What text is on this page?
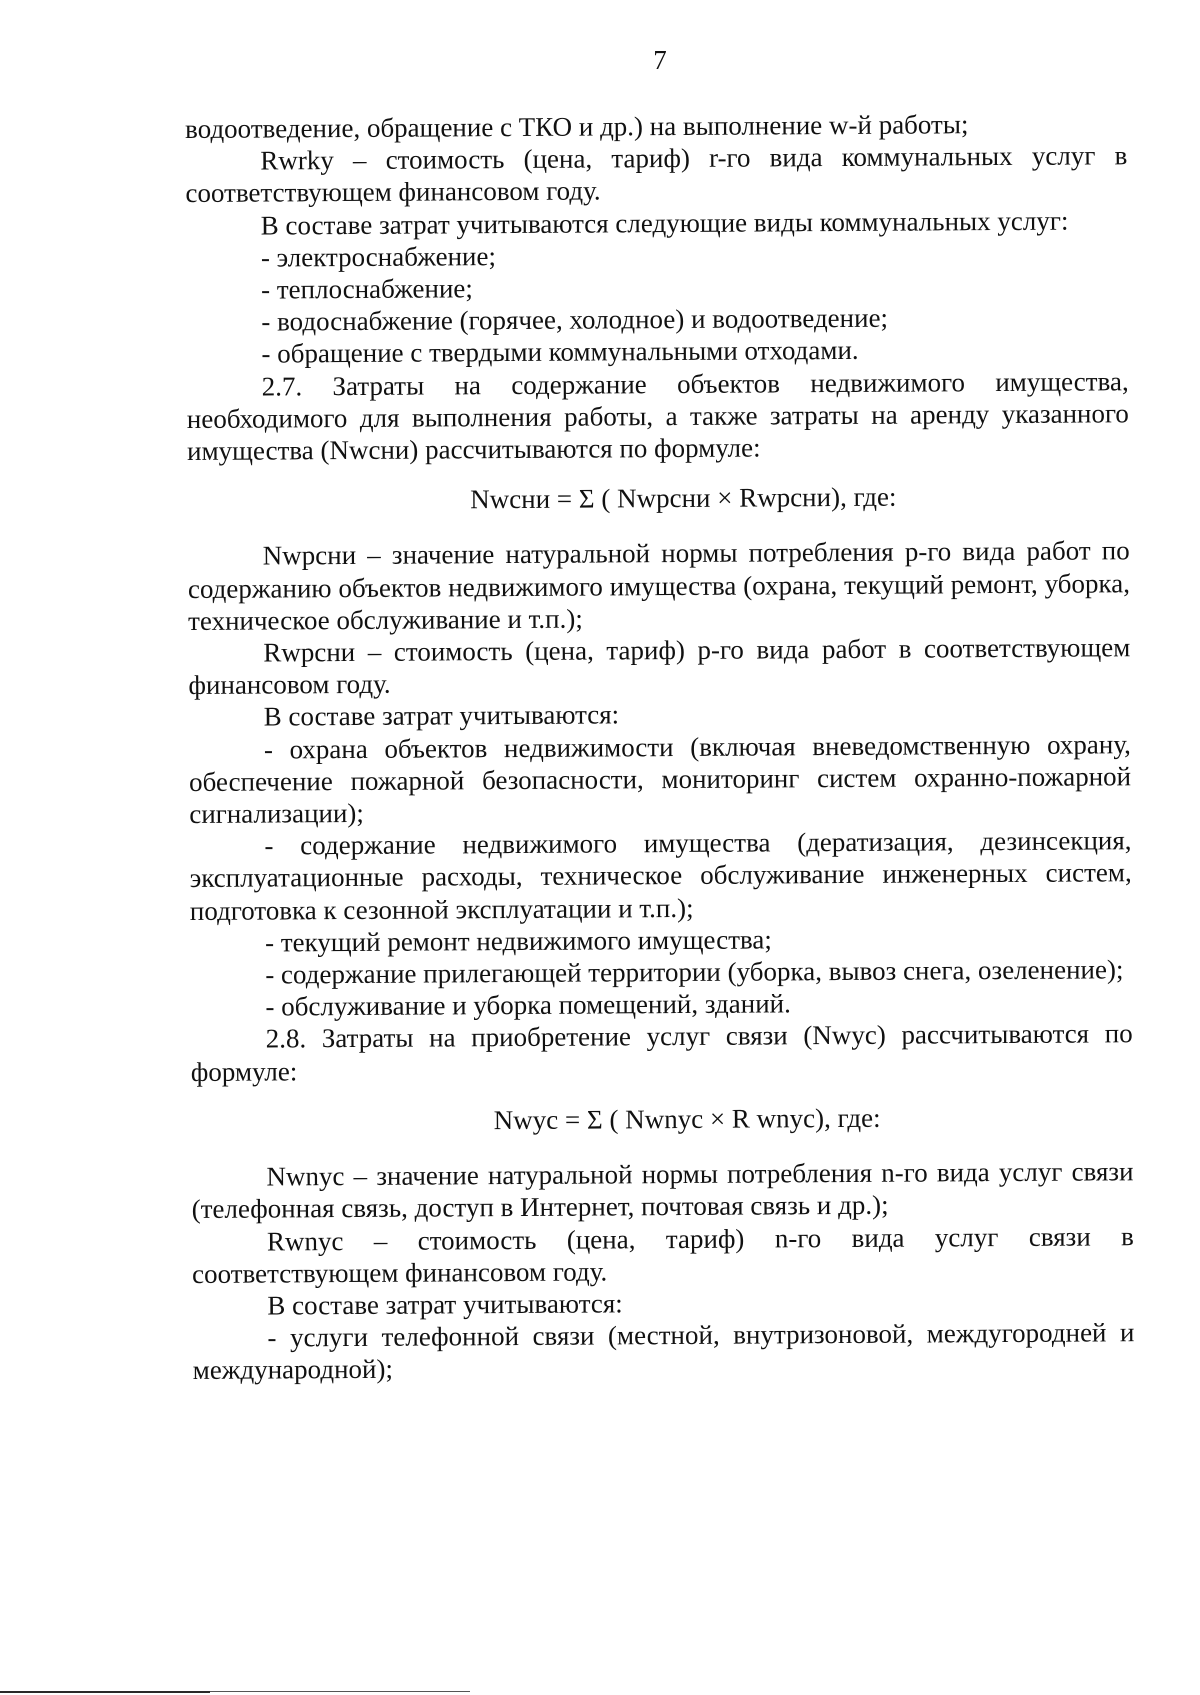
7

водоотведение, обращение с ТКО и др.) на выполнение w-й работы;

Rwrky – стоимость (цена, тариф) r-го вида коммунальных услуг в соответствующем финансовом году.

В составе затрат учитываются следующие виды коммунальных услуг:

- электроснабжение;

- теплоснабжение;

- водоснабжение (горячее, холодное) и водоотведение;

- обращение с твердыми коммунальными отходами.

2.7. Затраты на содержание объектов недвижимого имущества, необходимого для выполнения работы, а также затраты на аренду указанного имущества (Nwcни) рассчитываются по формуле:

Nwcни = Σ ( Nwpcни × Rwpcни), где:

Nwpcни – значение натуральной нормы потребления p-го вида работ по содержанию объектов недвижимого имущества (охрана, текущий ремонт, уборка, техническое обслуживание и т.п.);

Rwpcни – стоимость (цена, тариф) p-го вида работ в соответствующем финансовом году.

В составе затрат учитываются:

- охрана объектов недвижимости (включая вневедомственную охрану, обеспечение пожарной безопасности, мониторинг систем охранно-пожарной сигнализации);

- содержание недвижимого имущества (дератизация, дезинсекция, эксплуатационные расходы, техническое обслуживание инженерных систем, подготовка к сезонной эксплуатации и т.п.);

- текущий ремонт недвижимого имущества;

- содержание прилегающей территории (уборка, вывоз снега, озеленение);

- обслуживание и уборка помещений, зданий.

2.8. Затраты на приобретение услуг связи (Nwyc) рассчитываются по формуле:

Nwyc = Σ ( Nwnyc × R wnyc), где:

Nwnyc – значение натуральной нормы потребления n-го вида услуг связи (телефонная связь, доступ в Интернет, почтовая связь и др.);

Rwnyc – стоимость (цена, тариф) n-го вида услуг связи в соответствующем финансовом году.

В составе затрат учитываются:

- услуги телефонной связи (местной, внутризоновой, междугородней и международной);
